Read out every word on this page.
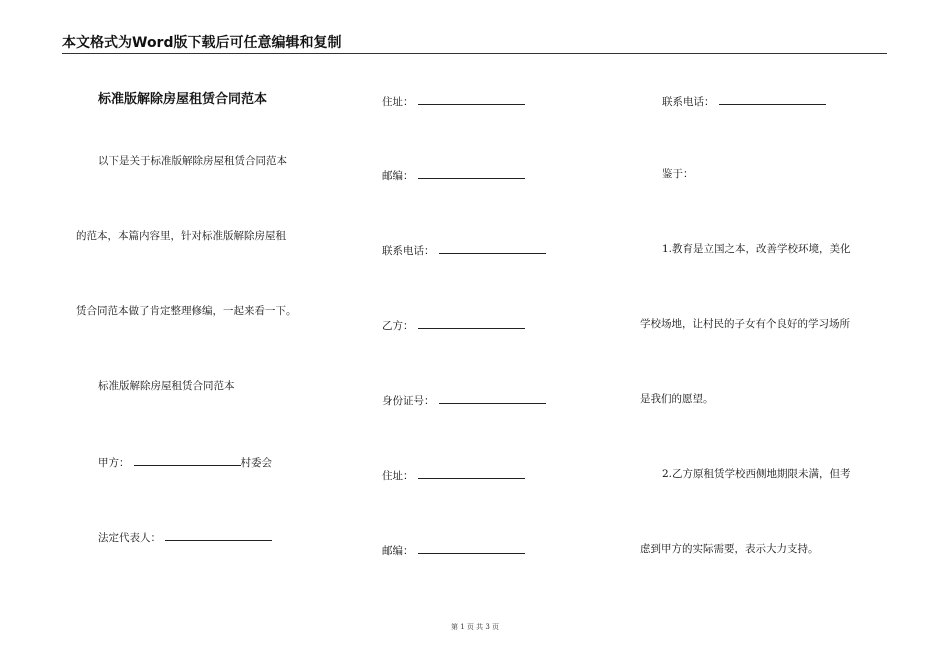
本文格式为Word版下载后可任意编辑和复制
标准版解除房屋租赁合同范本
以下是关于标准版解除房屋租赁合同范本
的范本，本篇内容里，针对标准版解除房屋租
赁合同范本做了肯定整理修编，一起来看一下。
标准版解除房屋租赁合同范本
甲方：	村委会
法定代表人：
住址：
邮编：
联系电话：
乙方：
身份证号：
住址：
邮编：
联系电话：
鉴于：
1.教育是立国之本，改善学校环境，美化
学校场地，让村民的子女有个良好的学习场所
是我们的愿望。
2.乙方原租赁学校西侧地期限未满，但考
虑到甲方的实际需要，表示大力支持。
第 1 页 共 3 页
